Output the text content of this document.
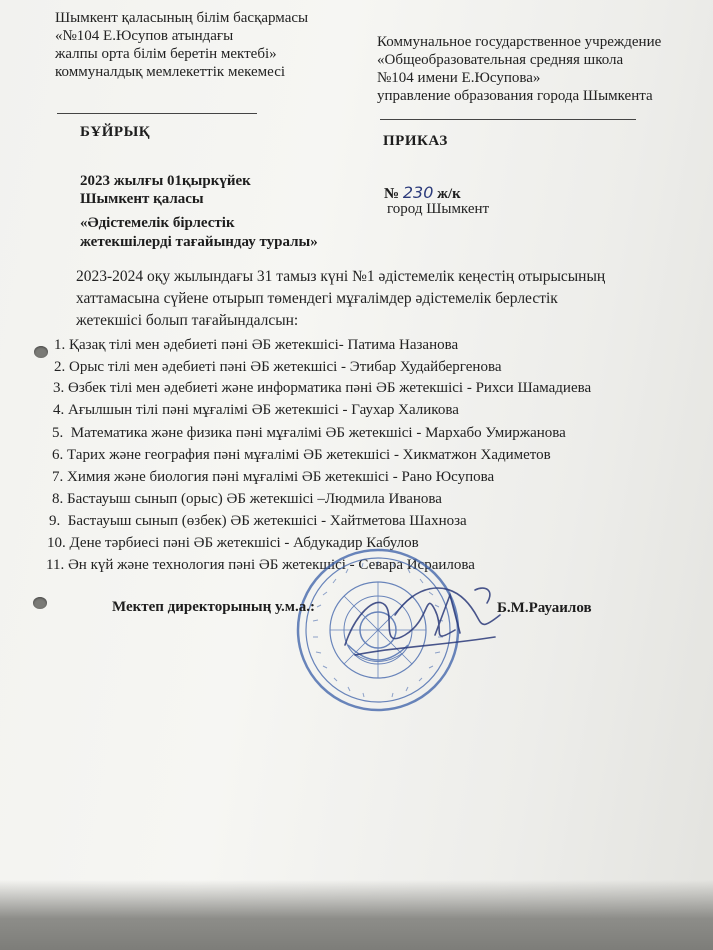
Шымкент қаласының білім басқармасы
«№104 Е.Юсупов атындағы
жалпы орта білім беретін мектебі»
коммуналдық мемлекеттік мекемесі
Коммунальное государственное учреждение
«Общеобразовательная средняя школа
№104 имени Е.Юсупова»
управление образования города Шымкента
БҰЙРЫҚ
ПРИКАЗ
2023 жылғы 01қыркүйек
Шымкент қаласы
«Әдістемелік бірлестік
жетекшілерді тағайындау туралы»
№ 230 ж/к
город Шымкент

2023-2024 оқу жылындағы 31 тамыз күні №1 әдістемелік кеңестің отырысының

хаттамасына сүйене отырып төмендегі мұғалімдер әдістемелік берлестік

жетекшісі болып тағайындалсын:

1. Қазақ тілі мен әдебиеті пәні ӘБ жетекшісі- Патима Назанова
2. Орыс тілі мен әдебиеті пәні ӘБ жетекшісі - Этибар Худайбергенова
3. Өзбек тілі мен әдебиеті және информатика пәні ӘБ жетекшісі - Рихси Шамадиева
4. Ағылшын тілі пәні мұғалімі ӘБ жетекшісі - Гаухар Халикова
5. Математика және физика пәні мұғалімі ӘБ жетекшісі - Мархабо Умиржанова
6. Тарих және география пәні мұғалімі ӘБ жетекшісі - Хикматжон Хадиметов
7. Химия және биология пәні мұғалімі ӘБ жетекшісі - Рано Юсупова
8. Бастауыш сынып (орыс) ӘБ жетекшісі –Людмила Иванова
9. Бастауыш сынып (өзбек) ӘБ жетекшісі - Хайтметова Шахноза
10. Дене тәрбиесі пәні ӘБ жетекшісі - Абдукадир Кабулов
11. Ән күй және технология пәні ӘБ жетекшісі - Севара Исраилова
Мектеп директорының у.м.а.:	Б.М.Рауаилов
